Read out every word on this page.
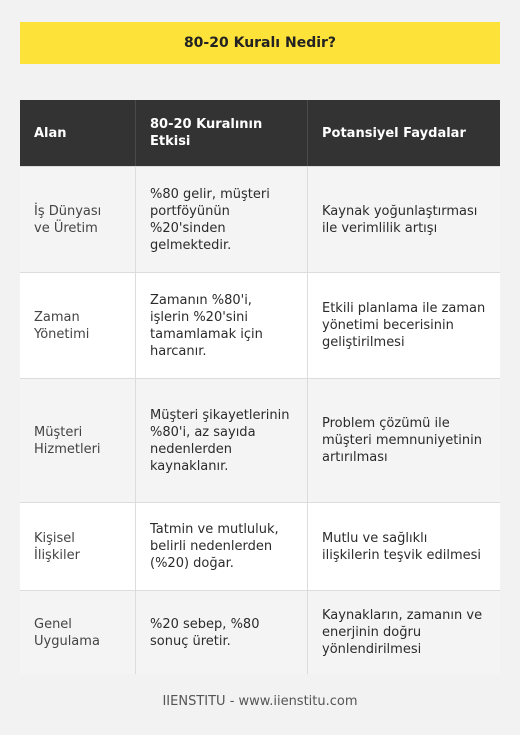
80-20 Kuralı Nedir?
Alan
80-20 Kuralının Etkisi
Potansiyel Faydalar
İş Dünyası ve Üretim
%80 gelir, müşteri portföyünün %20'sinden gelmektedir.
Kaynak yoğunlaştırması ile verimlilik artışı
Zaman Yönetimi
Zamanın %80'i, işlerin %20'sini tamamlamak için harcanır.
Etkili planlama ile zaman yönetimi becerisinin geliştirilmesi
Müşteri Hizmetleri
Müşteri şikayetlerinin %80'i, az sayıda nedenlerden kaynaklanır.
Problem çözümü ile müşteri memnuniyetinin artırılması
Kişisel İlişkiler
Tatmin ve mutluluk, belirli nedenlerden (%20) doğar.
Mutlu ve sağlıklı ilişkilerin teşvik edilmesi
Genel Uygulama
%20 sebep, %80 sonuç üretir.
Kaynakların, zamanın ve enerjinin doğru yönlendirilmesi
IIENSTITU - www.iienstitu.com
